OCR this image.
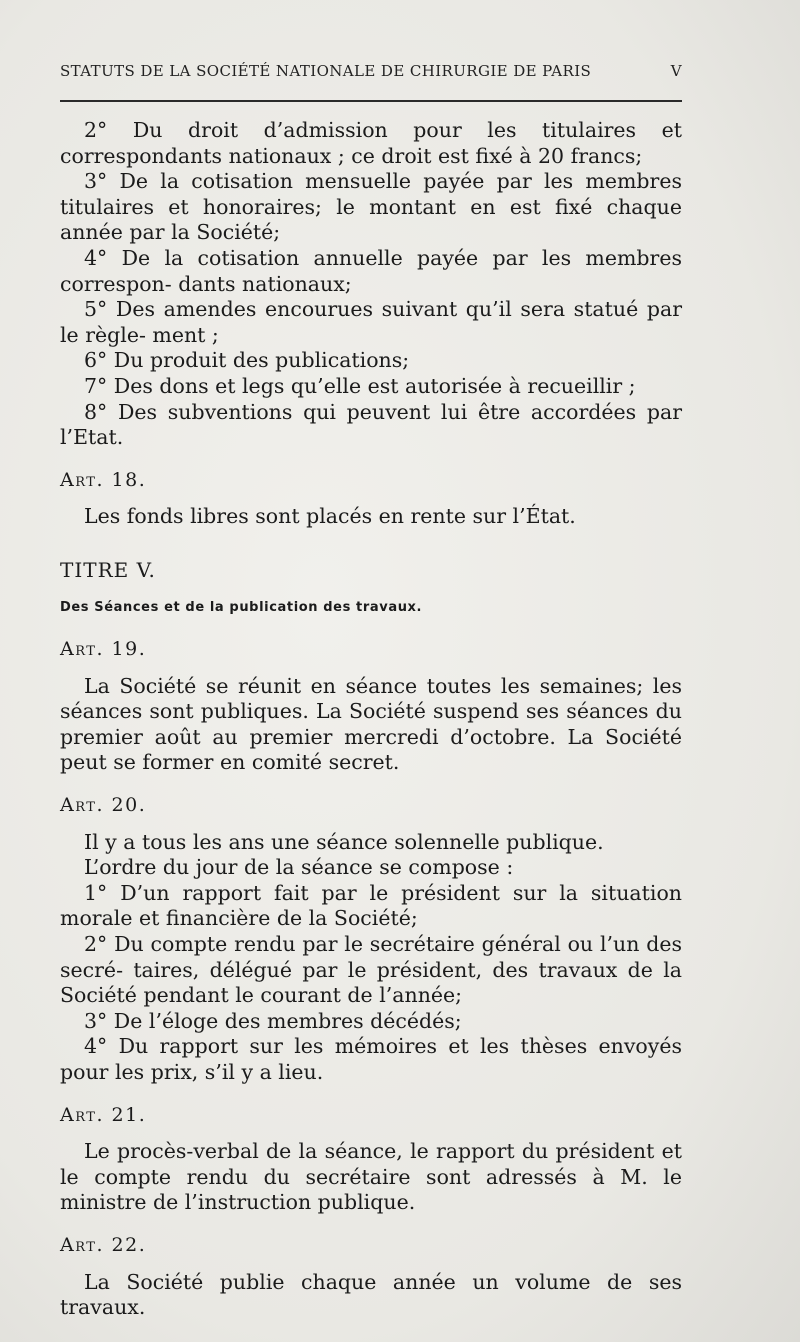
STATUTS DE LA SOCIÉTÉ NATIONALE DE CHIRURGIE DE PARIS	V

2° Du droit d’admission pour les titulaires et correspondants nationaux ; ce droit est fixé à 20 francs;

3° De la cotisation mensuelle payée par les membres titulaires et honoraires; le montant en est fixé chaque année par la Société;

4° De la cotisation annuelle payée par les membres correspon- dants nationaux;

5° Des amendes encourues suivant qu’il sera statué par le règle- ment ;

6° Du produit des publications;

7° Des dons et legs qu’elle est autorisée à recueillir ;

8° Des subventions qui peuvent lui être accordées par l’Etat.

Art. 18.

Les fonds libres sont placés en rente sur l’État.

TITRE V.

Des Séances et de la publication des travaux.

Art. 19.

La Société se réunit en séance toutes les semaines; les séances sont publiques. La Société suspend ses séances du premier août au premier mercredi d’octobre. La Société peut se former en comité secret.

Art. 20.

Il y a tous les ans une séance solennelle publique.

L’ordre du jour de la séance se compose :

1° D’un rapport fait par le président sur la situation morale et financière de la Société;

2° Du compte rendu par le secrétaire général ou l’un des secré- taires, délégué par le président, des travaux de la Société pendant le courant de l’année;

3° De l’éloge des membres décédés;

4° Du rapport sur les mémoires et les thèses envoyés pour les prix, s’il y a lieu.

Art. 21.

Le procès-verbal de la séance, le rapport du président et le compte rendu du secrétaire sont adressés à M. le ministre de l’instruction publique.

Art. 22.

La Société publie chaque année un volume de ses travaux.
